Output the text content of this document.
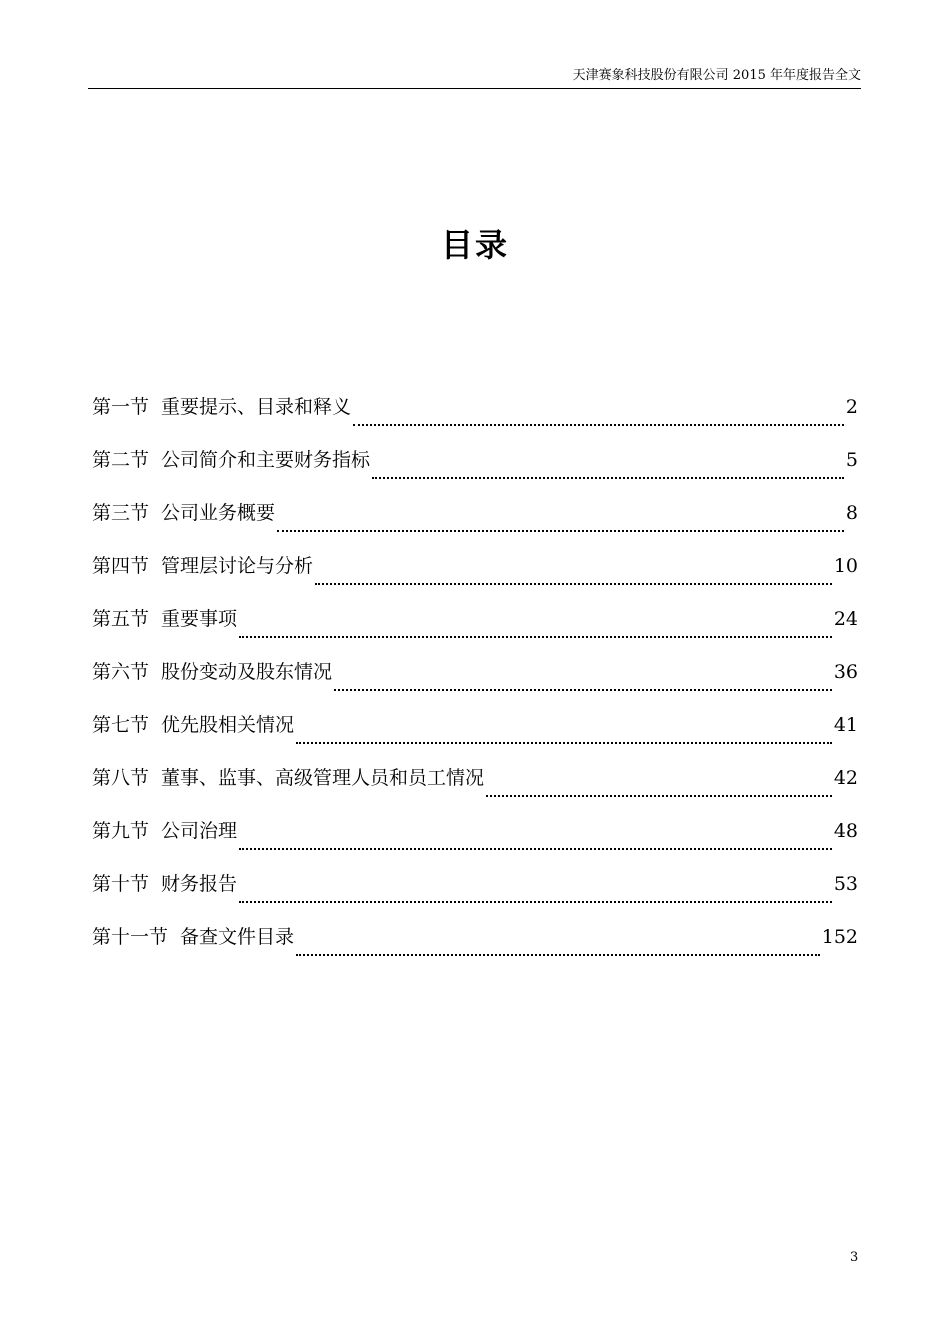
天津赛象科技股份有限公司 2015 年年度报告全文
目录
第一节 重要提示、目录和释义	2
第二节 公司简介和主要财务指标	5
第三节 公司业务概要	8
第四节 管理层讨论与分析	10
第五节 重要事项	24
第六节 股份变动及股东情况	36
第七节 优先股相关情况	41
第八节 董事、监事、高级管理人员和员工情况	42
第九节 公司治理	48
第十节 财务报告	53
第十一节 备查文件目录	152
3
